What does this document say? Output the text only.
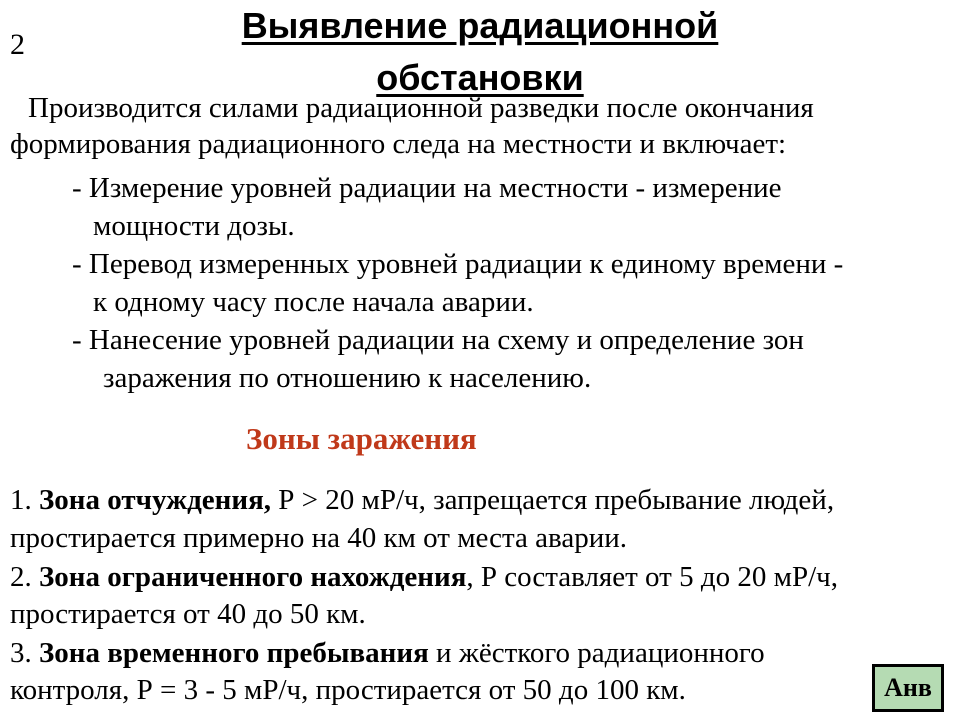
2	Выявление радиационной
обстановки
Производится силами радиационной разведки после окончания
формирования радиационного следа на местности и включает:
- Измерение уровней радиации на местности - измерение
мощности дозы.
- Перевод измеренных уровней радиации к единому времени -
к одному часу после начала аварии.
- Нанесение уровней радиации на схему и определение зон
заражения по отношению к населению.
Зоны заражения
1. Зона отчуждения, Р > 20 мР/ч, запрещается пребывание людей,
простирается примерно на 40 км от места аварии.
2. Зона ограниченного нахождения, Р составляет от 5 до 20 мР/ч,
простирается от 40 до 50 км.
3. Зона временного пребывания и жёсткого радиационного
контроля, Р = 3 - 5 мР/ч, простирается от 50 до 100 км.	Анв
